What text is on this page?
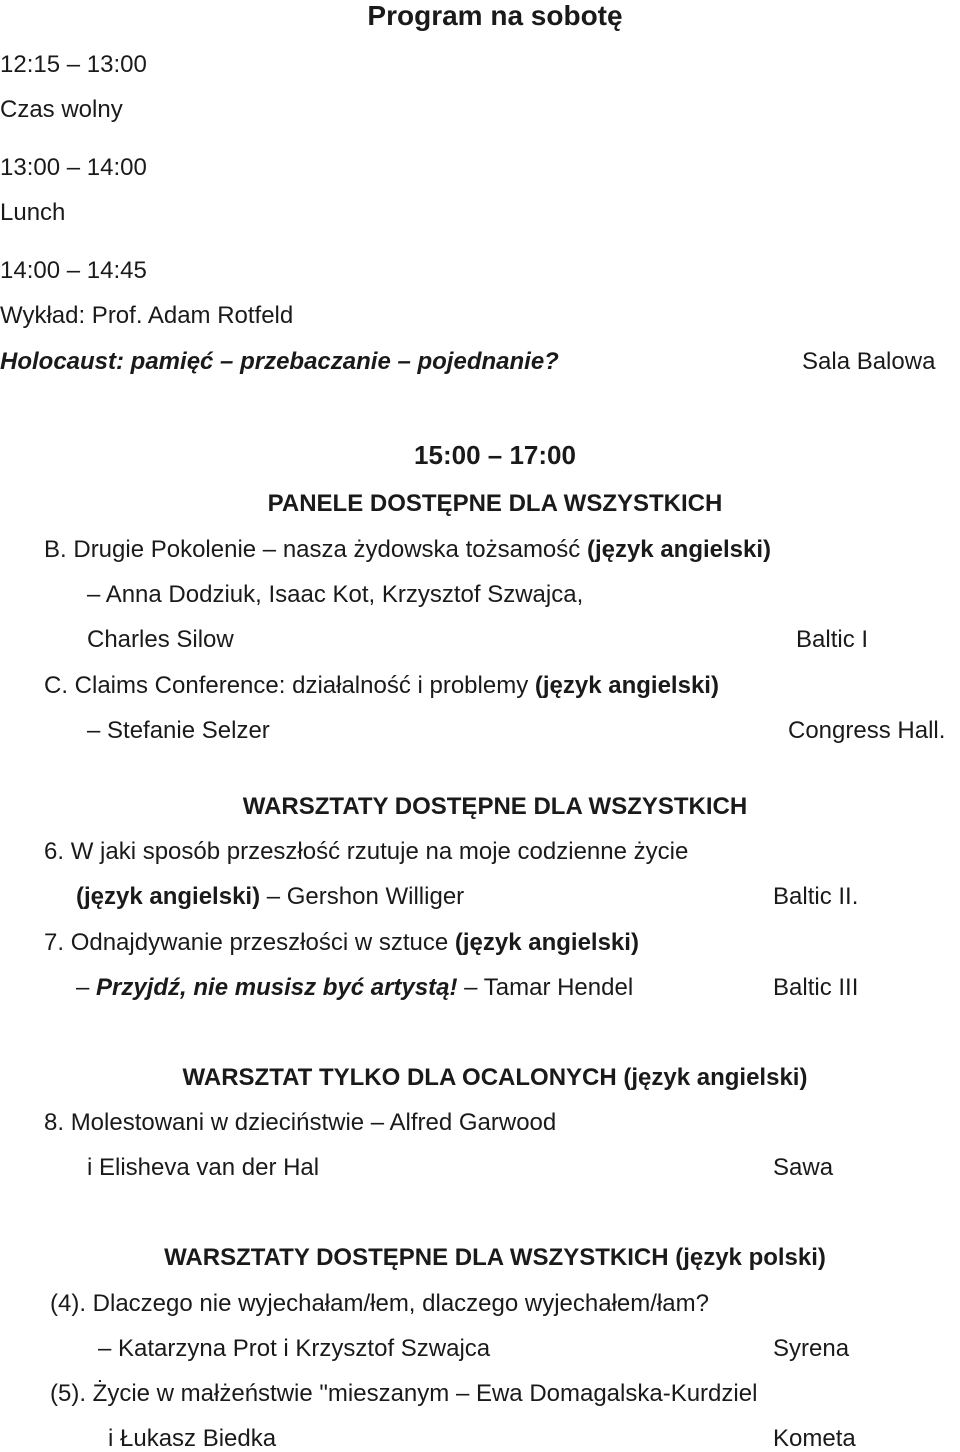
Program na sobotę
12:15 – 13:00
Czas wolny
13:00 – 14:00
Lunch
14:00 – 14:45
Wykład: Prof. Adam Rotfeld
Holocaust: pamięć – przebaczanie – pojednanie?	Sala Balowa
15:00 – 17:00
PANELE DOSTĘPNE DLA WSZYSTKICH
B. Drugie Pokolenie – nasza żydowska tożsamość (język angielski)
– Anna Dodziuk, Isaac Kot, Krzysztof Szwajca,
Charles Silow	Baltic I
C. Claims Conference: działalność i problemy (język angielski)
– Stefanie Selzer	Congress Hall.
WARSZTATY DOSTĘPNE DLA WSZYSTKICH
6. W jaki sposób przeszłość rzutuje na moje codzienne życie
(język angielski) – Gershon Williger	Baltic II.
7. Odnajdywanie przeszłości w sztuce (język angielski)
– Przyjdź, nie musisz być artystą! – Tamar Hendel	Baltic III
WARSZTAT TYLKO DLA OCALONYCH (język angielski)
8. Molestowani w dzieciństwie – Alfred Garwood
i Elisheva van der Hal	Sawa
WARSZTATY DOSTĘPNE DLA WSZYSTKICH (język polski)
(4). Dlaczego nie wyjechałam/łem, dlaczego wyjechałem/łam?
– Katarzyna Prot i Krzysztof Szwajca	Syrena
(5). Życie w małżeństwie "mieszanym – Ewa Domagalska-Kurdziel
i Łukasz Biedka	Kometa
